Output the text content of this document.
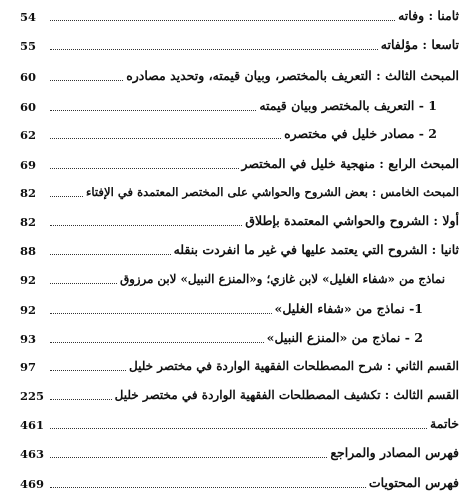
54	ثامنا : وفاته
55	تاسعا : مؤلفاته
60	المبحث الثالث : التعريف بالمختصر، وبيان قيمته، وتحديد مصادره
60	1 - التعريف بالمختصر وبيان قيمته
62	2 - مصادر خليل في مختصره
69	المبحث الرابع : منهجية خليل في المختصر
82	المبحث الخامس : بعض الشروح والحواشي على المختصر المعتمدة في الإفتاء
82	أولا : الشروح والحواشي المعتمدة بإطلاق
88	ثانيا : الشروح التي يعتمد عليها في غير ما انفردت بنقله
92	نماذج من «شفاء الغليل» لابن غازي؛ و«المنزع النبيل» لابن مرزوق
92	1- نماذج من «شفاء الغليل»
93	2 - نماذج من «المنزع النبيل»
97	القسم الثاني : شرح المصطلحات الفقهية الواردة في مختصر خليل
225	القسم الثالث : تكشيف المصطلحات الفقهية الواردة في مختصر خليل
461	خاتمة
463	فهرس المصادر والمراجع
469	فهرس المحتويات
